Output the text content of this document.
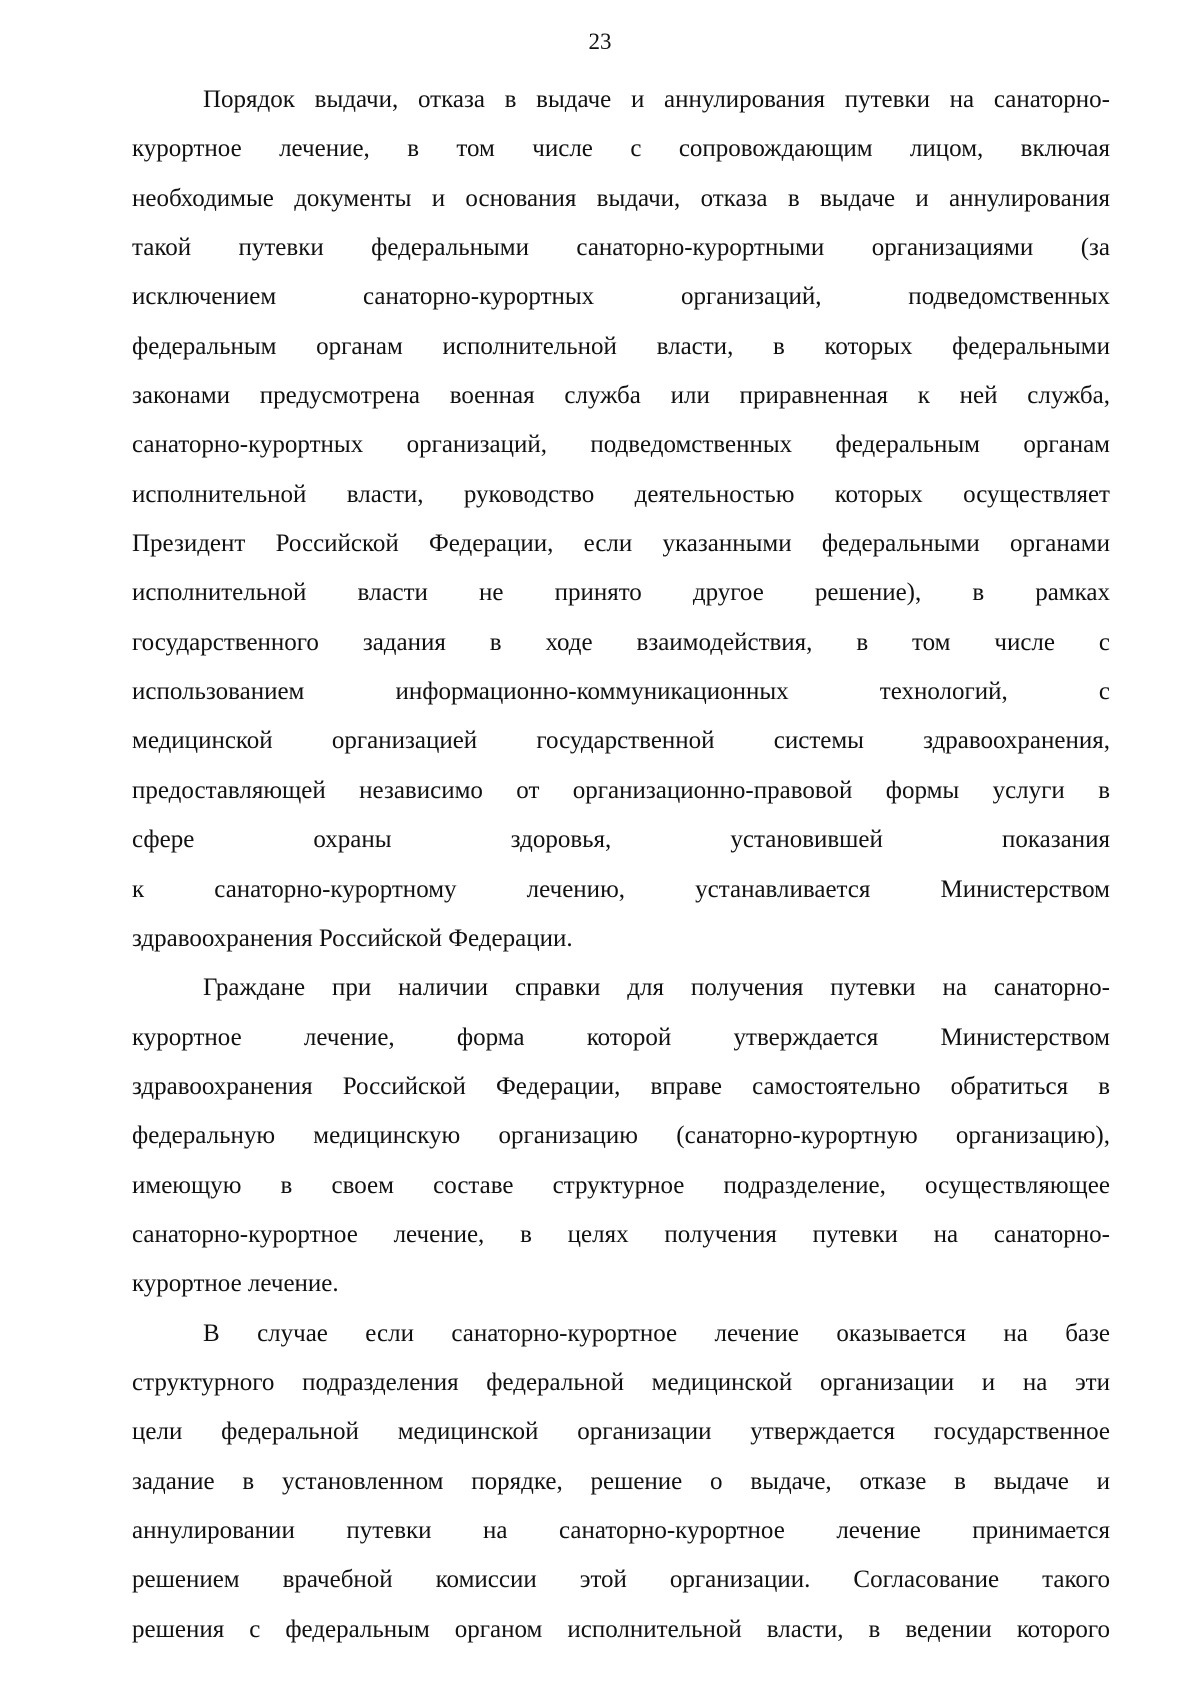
23
Порядок выдачи, отказа в выдаче и аннулирования путевки на санаторно-
курортное лечение, в том числе с сопровождающим лицом, включая
необходимые документы и основания выдачи, отказа в выдаче и аннулирования
такой путевки федеральными санаторно-курортными организациями (за
исключением санаторно-курортных организаций, подведомственных
федеральным органам исполнительной власти, в которых федеральными
законами предусмотрена военная служба или приравненная к ней служба,
санаторно-курортных организаций, подведомственных федеральным органам
исполнительной власти, руководство деятельностью которых осуществляет
Президент Российской Федерации, если указанными федеральными органами
исполнительной власти не принято другое решение), в рамках
государственного задания в ходе взаимодействия, в том числе с
использованием информационно-коммуникационных технологий, с
медицинской организацией государственной системы здравоохранения,
предоставляющей независимо от организационно-правовой формы услуги в
сфере охраны здоровья, установившей показания
к санаторно-курортному лечению, устанавливается Министерством
здравоохранения Российской Федерации.
Граждане при наличии справки для получения путевки на санаторно-
курортное лечение, форма которой утверждается Министерством
здравоохранения Российской Федерации, вправе самостоятельно обратиться в
федеральную медицинскую организацию (санаторно-курортную организацию),
имеющую в своем составе структурное подразделение, осуществляющее
санаторно-курортное лечение, в целях получения путевки на санаторно-
курортное лечение.
В случае если санаторно-курортное лечение оказывается на базе
структурного подразделения федеральной медицинской организации и на эти
цели федеральной медицинской организации утверждается государственное
задание в установленном порядке, решение о выдаче, отказе в выдаче и
аннулировании путевки на санаторно-курортное лечение принимается
решением врачебной комиссии этой организации. Согласование такого
решения с федеральным органом исполнительной власти, в ведении которого
